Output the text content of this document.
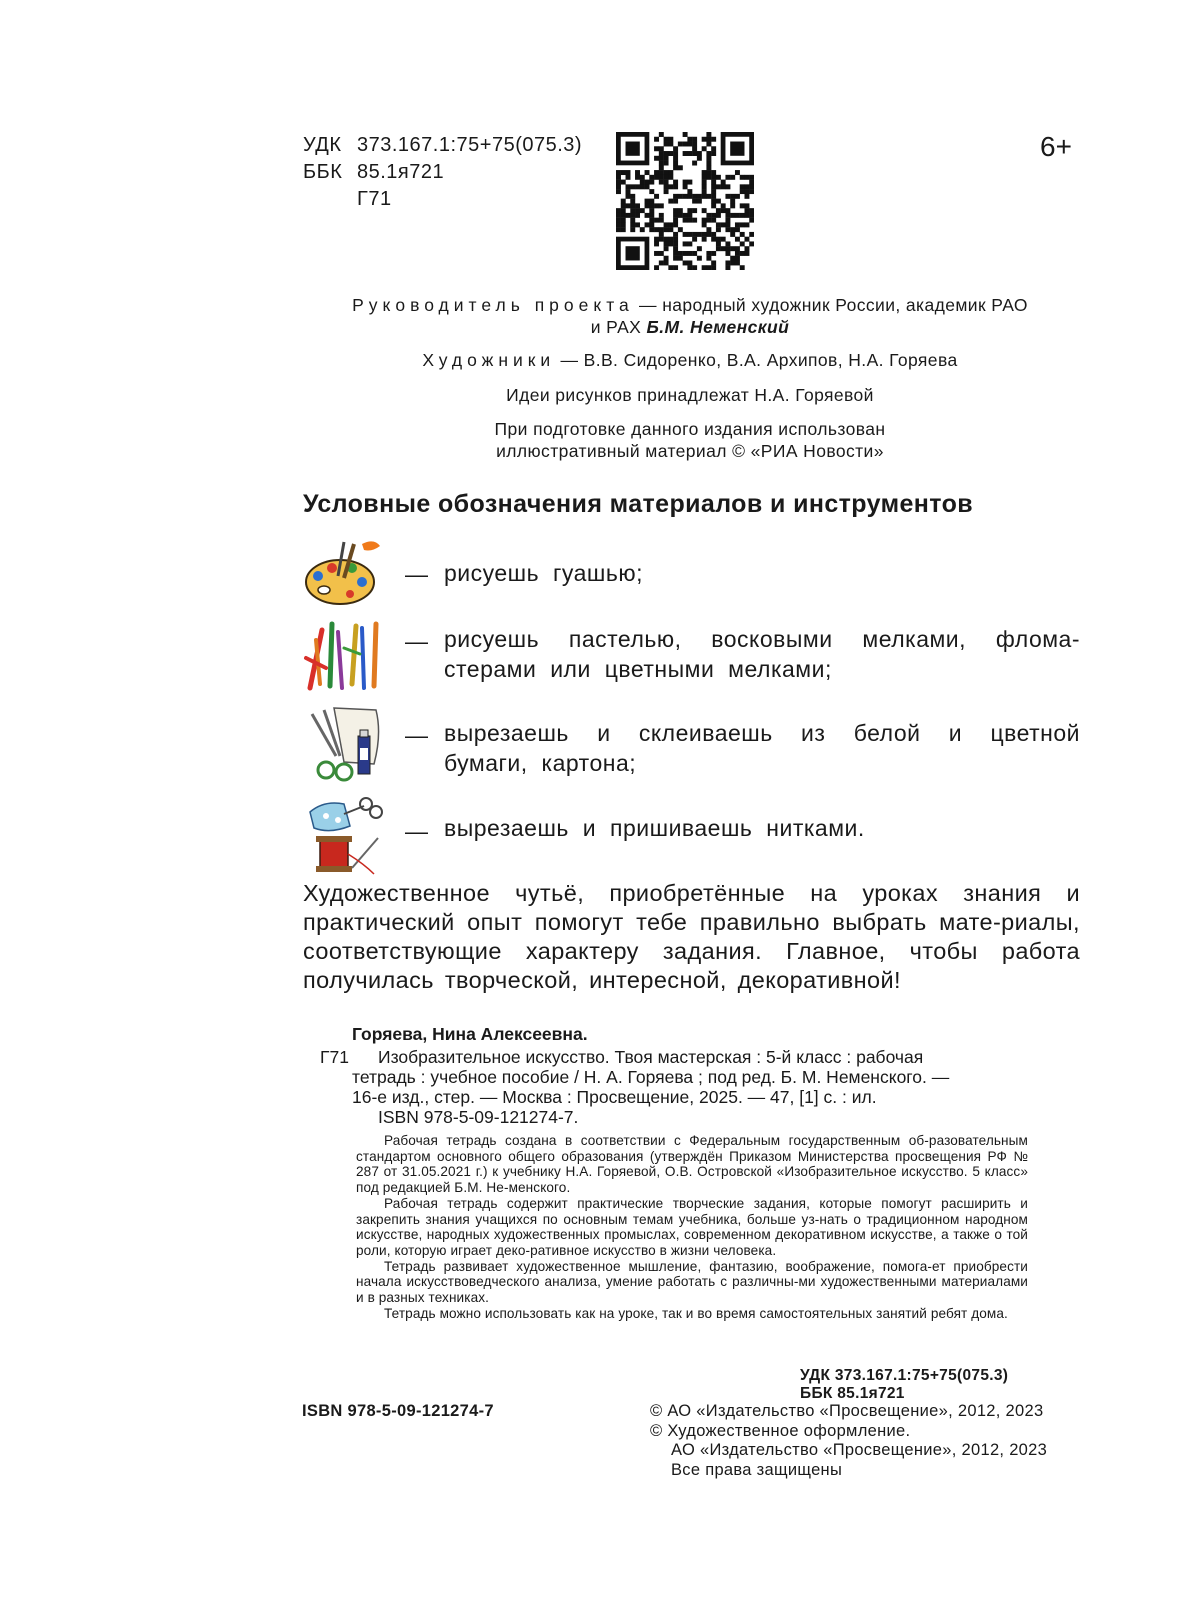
УДК 373.167.1:75+75(075.3)
ББК 85.1я721
Г71
6+
Руководитель проекта — народный художник России, академик РАО
и РАХ Б.М. Неменский
Художники — В.В. Сидоренко, В.А. Архипов, Н.А. Горяева
Идеи рисунков принадлежат Н.А. Горяевой
При подготовке данного издания использован
иллюстративный материал © «РИА Новости»
Условные обозначения материалов и инструментов
— рисуешь гуашью;
— рисуешь пастелью, восковыми мелками, флома-стерами или цветными мелками;
— вырезаешь и склеиваешь из белой и цветной бумаги, картона;
— вырезаешь и пришиваешь нитками.
Художественное чутьё, приобретённые на уроках знания и практический опыт помогут тебе правильно выбрать мате-риалы, соответствующие характеру задания. Главное, чтобы работа получилась творческой, интересной, декоративной!
Горяева, Нина Алексеевна.
Г71	Изобразительное искусство. Твоя мастерская : 5-й класс : рабочая
тетрадь : учебное пособие / Н. А. Горяева ; под ред. Б. М. Неменского. —
16-е изд., стер. — Москва : Просвещение, 2025. — 47, [1] с. : ил.
ISBN 978-5-09-121274-7.

Рабочая тетрадь создана в соответствии с Федеральным государственным об-разовательным стандартом основного общего образования (утверждён Приказом Министерства просвещения РФ № 287 от 31.05.2021 г.) к учебнику Н.А. Горяевой, О.В. Островской «Изобразительное искусство. 5 класс» под редакцией Б.М. Не-менского.

Рабочая тетрадь содержит практические творческие задания, которые помогут расширить и закрепить знания учащихся по основным темам учебника, больше уз-нать о традиционном народном искусстве, народных художественных промыслах, современном декоративном искусстве, а также о той роли, которую играет деко-ративное искусство в жизни человека.

Тетрадь развивает художественное мышление, фантазию, воображение, помога-ет приобрести начала искусствоведческого анализа, умение работать с различны-ми художественными материалами и в разных техниках.

Тетрадь можно использовать как на уроке, так и во время самостоятельных занятий ребят дома.

УДК 373.167.1:75+75(075.3)
ББК 85.1я721
ISBN 978-5-09-121274-7	© АО «Издательство «Просвещение», 2012, 2023
© Художественное оформление.
АО «Издательство «Просвещение», 2012, 2023
Все права защищены
